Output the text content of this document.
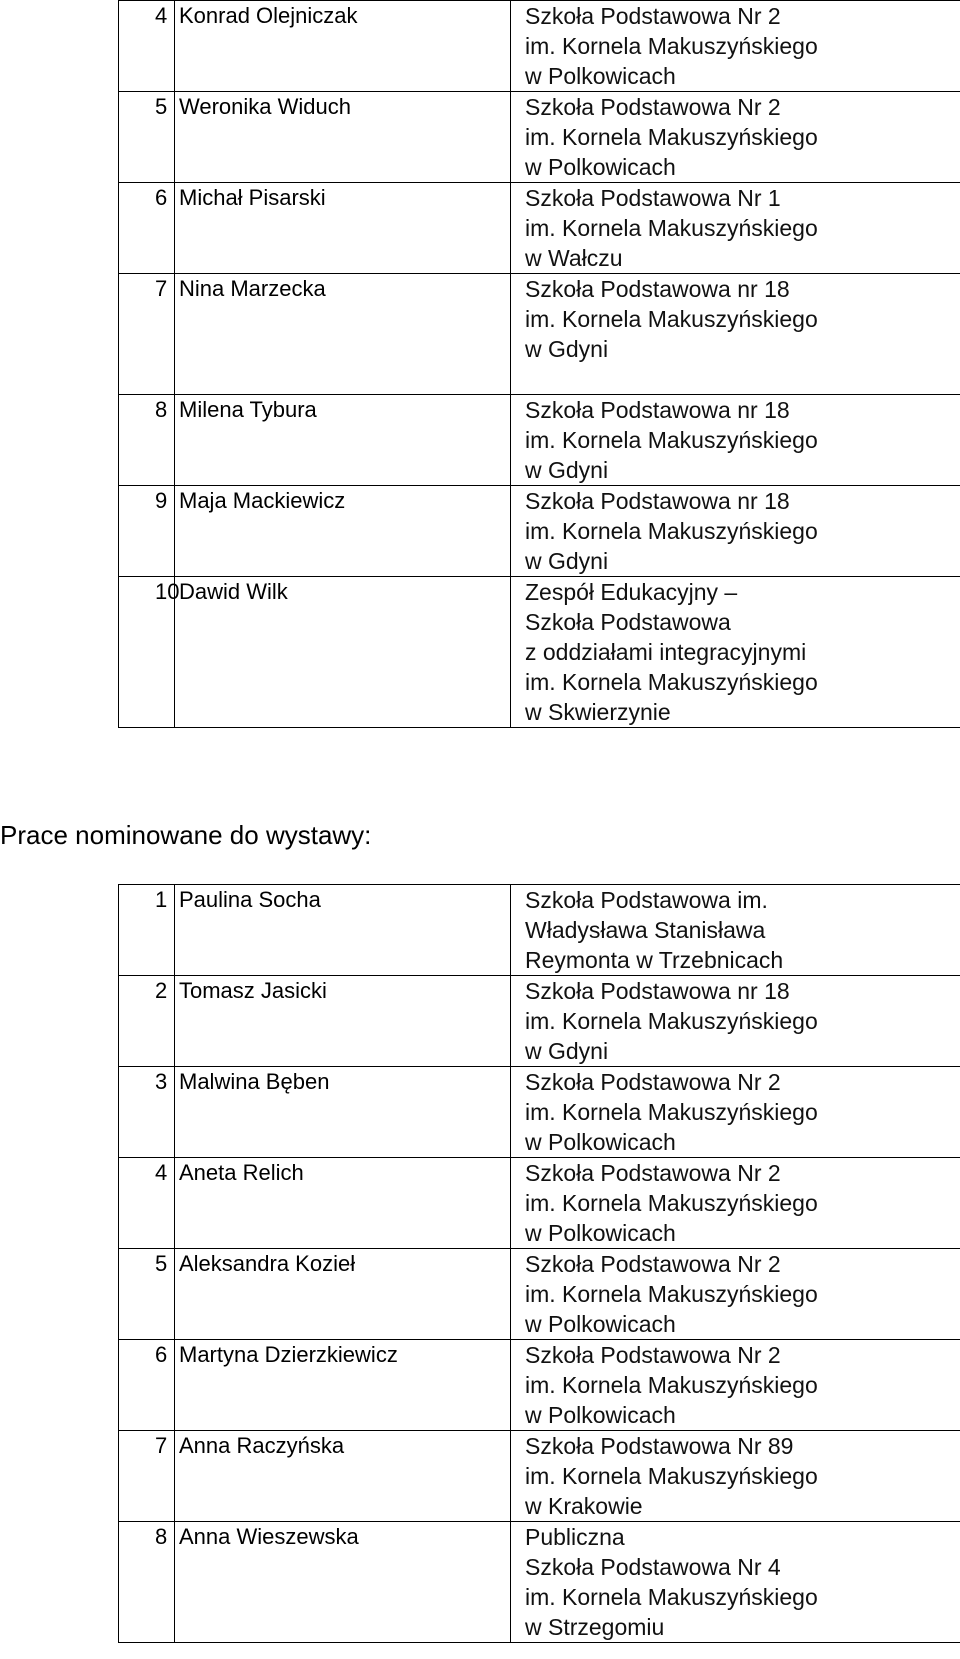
4	Konrad Olejniczak	Szkoła Podstawowa Nr 2
im. Kornela Makuszyńskiego
w Polkowicach

5	Weronika Widuch	Szkoła Podstawowa Nr 2
im. Kornela Makuszyńskiego
w Polkowicach

6	Michał Pisarski	Szkoła Podstawowa Nr 1
im. Kornela Makuszyńskiego
w Wałczu

7	Nina Marzecka	Szkoła Podstawowa nr 18
im. Kornela Makuszyńskiego
w Gdyni

8	Milena Tybura	Szkoła Podstawowa nr 18
im. Kornela Makuszyńskiego
w Gdyni

9	Maja Mackiewicz	Szkoła Podstawowa nr 18
im. Kornela Makuszyńskiego
w Gdyni

10	Dawid Wilk	Zespół Edukacyjny –
Szkoła Podstawowa
z oddziałami integracyjnymi
im. Kornela Makuszyńskiego
w Skwierzynie
Prace nominowane do wystawy:
1	Paulina Socha	Szkoła Podstawowa im.
Władysława Stanisława
Reymonta w Trzebnicach

2	Tomasz Jasicki	Szkoła Podstawowa nr 18
im. Kornela Makuszyńskiego
w Gdyni

3	Malwina Bęben	Szkoła Podstawowa Nr 2
im. Kornela Makuszyńskiego
w Polkowicach

4	Aneta Relich	Szkoła Podstawowa Nr 2
im. Kornela Makuszyńskiego
w Polkowicach

5	Aleksandra Kozieł	Szkoła Podstawowa Nr 2
im. Kornela Makuszyńskiego
w Polkowicach

6	Martyna Dzierzkiewicz	Szkoła Podstawowa Nr 2
im. Kornela Makuszyńskiego
w Polkowicach

7	Anna Raczyńska	Szkoła Podstawowa Nr 89
im. Kornela Makuszyńskiego
w Krakowie

8	Anna Wieszewska	Publiczna
Szkoła Podstawowa Nr 4
im. Kornela Makuszyńskiego
w Strzegomiu
